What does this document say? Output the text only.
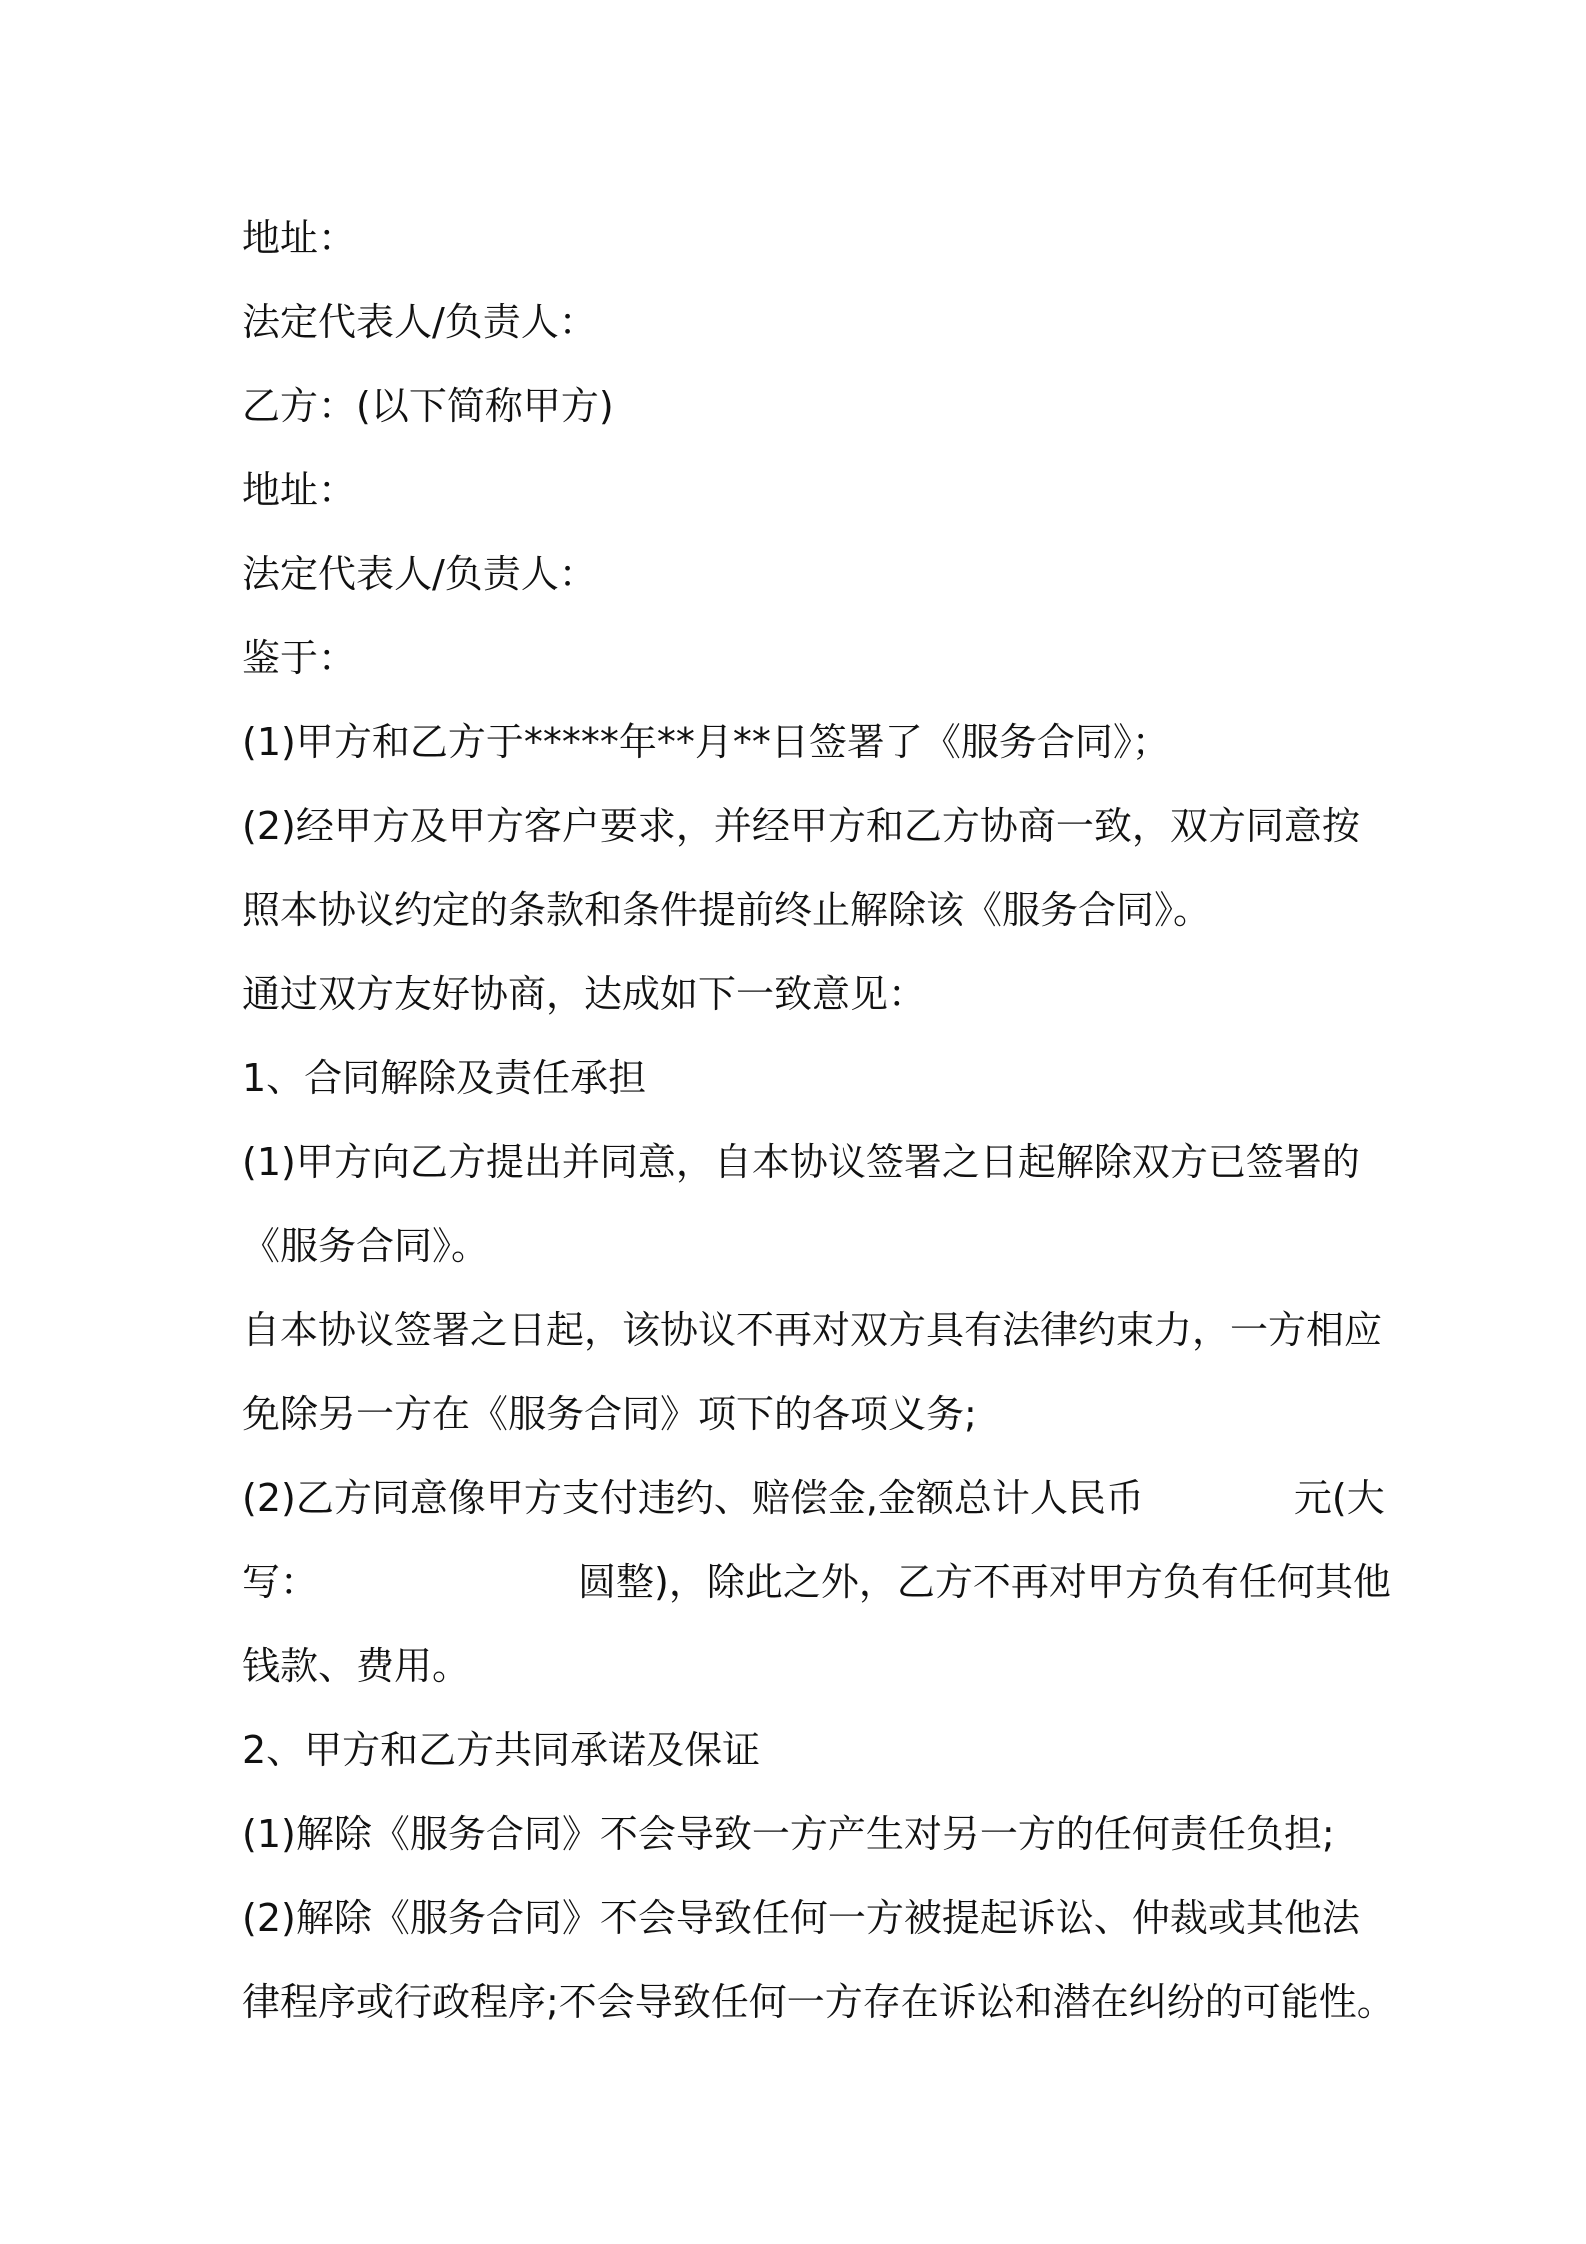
地址：
法定代表人/负责人：
乙方：(以下简称甲方)
地址：
法定代表人/负责人：
鉴于：
(1)甲方和乙方于*****年**月**日签署了《服务合同》；
(2)经甲方及甲方客户要求，并经甲方和乙方协商一致，双方同意按
照本协议约定的条款和条件提前终止解除该《服务合同》。
通过双方友好协商，达成如下一致意见：
1、合同解除及责任承担
(1)甲方向乙方提出并同意，自本协议签署之日起解除双方已签署的
《服务合同》。
自本协议签署之日起，该协议不再对双方具有法律约束力，一方相应
免除另一方在《服务合同》项下的各项义务;
(2)乙方同意像甲方支付违约、赔偿金,金额总计人民币	元(大
写：	圆整)，除此之外，乙方不再对甲方负有任何其他
钱款、费用。
2、甲方和乙方共同承诺及保证
(1)解除《服务合同》不会导致一方产生对另一方的任何责任负担;
(2)解除《服务合同》不会导致任何一方被提起诉讼、仲裁或其他法
律程序或行政程序;不会导致任何一方存在诉讼和潜在纠纷的可能性。
